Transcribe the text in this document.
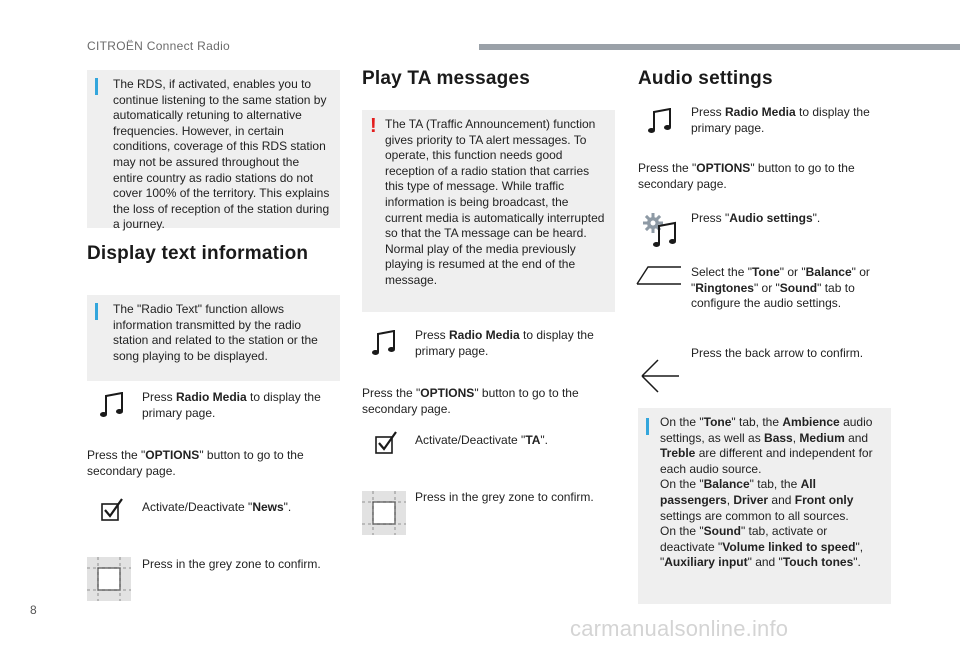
CITROËN Connect Radio
8
carmanualsonline.info

The RDS, if activated, enables you to continue listening to the same station by automatically retuning to alternative frequencies. However, in certain conditions, coverage of this RDS station may not be assured throughout the entire country as radio stations do not cover 100% of the territory. This explains the loss of reception of the station during a journey.

Display text information

The "Radio Text" function allows information transmitted by the radio station and related to the station or the song playing to be displayed.

Press Radio Media to display the primary page.
Press the "OPTIONS" button to go to the secondary page.
Activate/Deactivate "News".
Press in the grey zone to confirm.
Play TA messages
! The TA (Traffic Announcement) function gives priority to TA alert messages. To operate, this function needs good reception of a radio station that carries this type of message. While traffic information is being broadcast, the current media is automatically interrupted so that the TA message can be heard. Normal play of the media previously playing is resumed at the end of the message.

Press Radio Media to display the primary page.
Press the "OPTIONS" button to go to the secondary page.
Activate/Deactivate "TA".
Press in the grey zone to confirm.
Audio settings
Press Radio Media to display the primary page.
Press the "OPTIONS" button to go to the secondary page.
Press "Audio settings".
Select the "Tone" or "Balance" or "Ringtones" or "Sound" tab to configure the audio settings.
Press the back arrow to confirm.

On the "Tone" tab, the Ambience audio settings, as well as Bass, Medium and Treble are different and independent for each audio source.
On the "Balance" tab, the All passengers, Driver and Front only settings are common to all sources.
On the "Sound" tab, activate or deactivate "Volume linked to speed", "Auxiliary input" and "Touch tones".
